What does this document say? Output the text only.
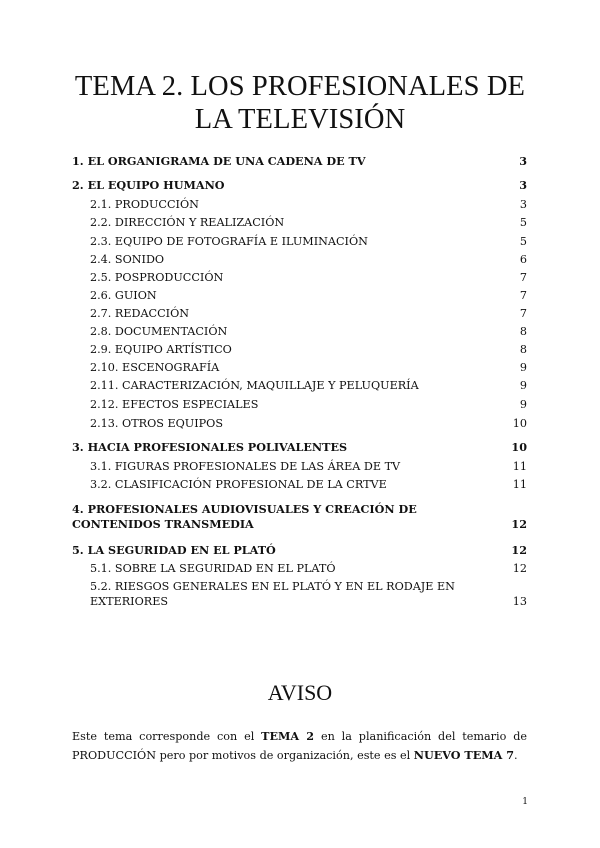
TEMA 2. LOS PROFESIONALES DE
LA TELEVISIÓN
1. EL ORGANIGRAMA DE UNA CADENA DE TV	3
2. EL EQUIPO HUMANO	3
2.1. PRODUCCIÓN	3
2.2. DIRECCIÓN Y REALIZACIÓN	5
2.3. EQUIPO DE FOTOGRAFÍA E ILUMINACIÓN	5
2.4. SONIDO	6
2.5. POSPRODUCCIÓN	7
2.6. GUION	7
2.7. REDACCIÓN	7
2.8. DOCUMENTACIÓN	8
2.9. EQUIPO ARTÍSTICO	8
2.10. ESCENOGRAFÍA	9
2.11. CARACTERIZACIÓN, MAQUILLAJE Y PELUQUERÍA	9
2.12. EFECTOS ESPECIALES	9
2.13. OTROS EQUIPOS	10
3. HACIA PROFESIONALES POLIVALENTES	10
3.1. FIGURAS PROFESIONALES DE LAS ÁREA DE TV	11
3.2. CLASIFICACIÓN PROFESIONAL DE LA CRTVE	11
4. PROFESIONALES AUDIOVISUALES Y CREACIÓN DE CONTENIDOS TRANSMEDIA	12
5. LA SEGURIDAD EN EL PLATÓ	12
5.1. SOBRE LA SEGURIDAD EN EL PLATÓ	12
5.2. RIESGOS GENERALES EN EL PLATÓ Y EN EL RODAJE EN EXTERIORES	13
AVISO
Este tema corresponde con el TEMA 2 en la planificación del temario de PRODUCCIÓN pero por motivos de organización, este es el NUEVO TEMA 7.
1
